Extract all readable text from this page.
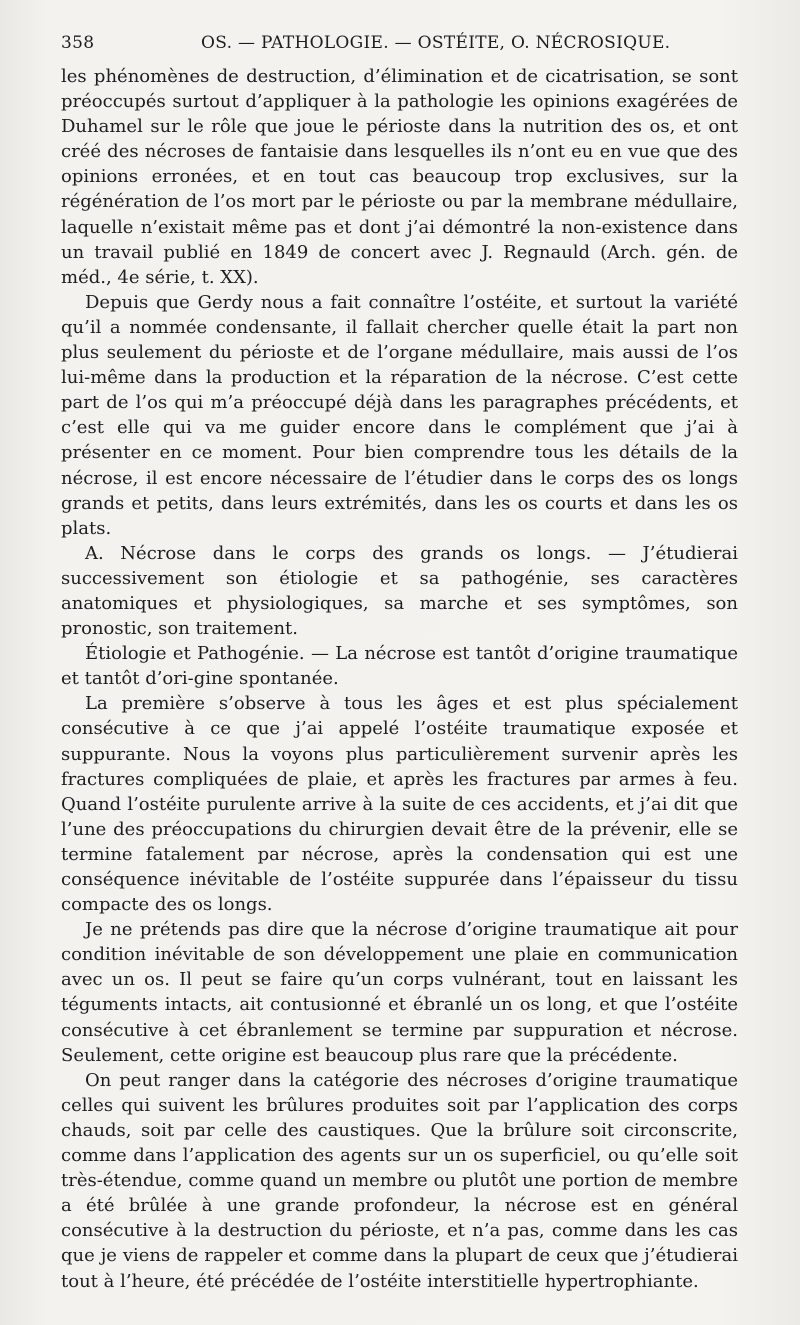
358	OS. — PATHOLOGIE. — OSTÉITE, O. NÉCROSIQUE.

les phénomènes de destruction, d’élimination et de cicatrisation, se sont préoccupés surtout d’appliquer à la pathologie les opinions exagérées de Duhamel sur le rôle que joue le périoste dans la nutrition des os, et ont créé des nécroses de fantaisie dans lesquelles ils n’ont eu en vue que des opinions erronées, et en tout cas beaucoup trop exclusives, sur la régénération de l’os mort par le périoste ou par la membrane médullaire, laquelle n’existait même pas et dont j’ai démontré la non-existence dans un travail publié en 1849 de concert avec J. Regnauld (Arch. gén. de méd., 4e série, t. XX).

Depuis que Gerdy nous a fait connaître l’ostéite, et surtout la variété qu’il a nommée condensante, il fallait chercher quelle était la part non plus seulement du périoste et de l’organe médullaire, mais aussi de l’os lui-même dans la production et la réparation de la nécrose. C’est cette part de l’os qui m’a préoccupé déjà dans les paragraphes précédents, et c’est elle qui va me guider encore dans le complément que j’ai à présenter en ce moment. Pour bien comprendre tous les détails de la nécrose, il est encore nécessaire de l’étudier dans le corps des os longs grands et petits, dans leurs extrémités, dans les os courts et dans les os plats.

A. Nécrose dans le corps des grands os longs. — J’étudierai successivement son étiologie et sa pathogénie, ses caractères anatomiques et physiologiques, sa marche et ses symptômes, son pronostic, son traitement.

Étiologie et Pathogénie. — La nécrose est tantôt d’origine traumatique et tantôt d’ori-gine spontanée.

La première s’observe à tous les âges et est plus spécialement consécutive à ce que j’ai appelé l’ostéite traumatique exposée et suppurante. Nous la voyons plus particulièrement survenir après les fractures compliquées de plaie, et après les fractures par armes à feu. Quand l’ostéite purulente arrive à la suite de ces accidents, et j’ai dit que l’une des préoccupations du chirurgien devait être de la prévenir, elle se termine fatalement par nécrose, après la condensation qui est une conséquence inévitable de l’ostéite suppurée dans l’épaisseur du tissu compacte des os longs.

Je ne prétends pas dire que la nécrose d’origine traumatique ait pour condition inévitable de son développement une plaie en communication avec un os. Il peut se faire qu’un corps vulnérant, tout en laissant les téguments intacts, ait contusionné et ébranlé un os long, et que l’ostéite consécutive à cet ébranlement se termine par suppuration et nécrose. Seulement, cette origine est beaucoup plus rare que la précédente.

On peut ranger dans la catégorie des nécroses d’origine traumatique celles qui suivent les brûlures produites soit par l’application des corps chauds, soit par celle des caustiques. Que la brûlure soit circonscrite, comme dans l’application des agents sur un os superficiel, ou qu’elle soit très-étendue, comme quand un membre ou plutôt une portion de membre a été brûlée à une grande profondeur, la nécrose est en général consécutive à la destruction du périoste, et n’a pas, comme dans les cas que je viens de rappeler et comme dans la plupart de ceux que j’étudierai tout à l’heure, été précédée de l’ostéite interstitielle hypertrophiante.
